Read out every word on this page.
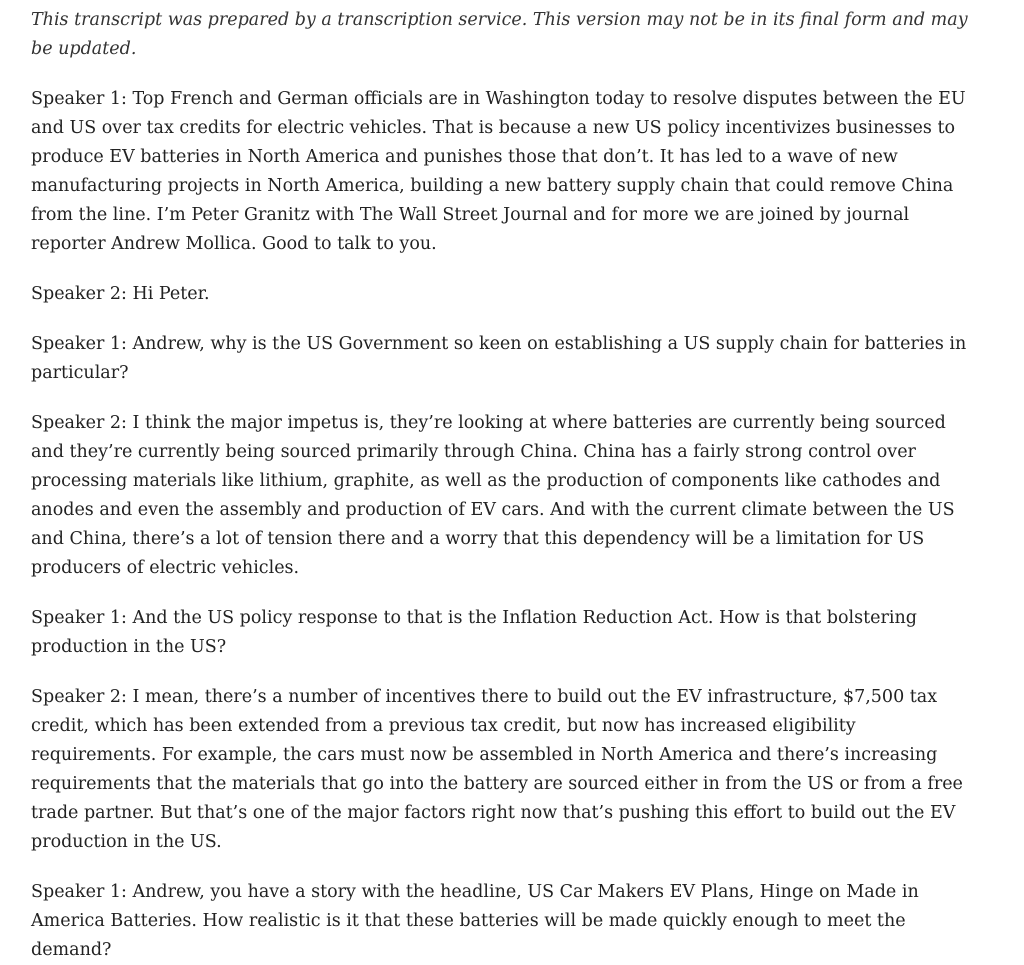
This transcript was prepared by a transcription service. This version may not be in its final form and may be updated.

Speaker 1: Top French and German officials are in Washington today to resolve disputes between the EU and US over tax credits for electric vehicles. That is because a new US policy incentivizes businesses to produce EV batteries in North America and punishes those that don’t. It has led to a wave of new manufacturing projects in North America, building a new battery supply chain that could remove China from the line. I’m Peter Granitz with The Wall Street Journal and for more we are joined by journal reporter Andrew Mollica. Good to talk to you.

Speaker 2: Hi Peter.

Speaker 1: Andrew, why is the US Government so keen on establishing a US supply chain for batteries in particular?

Speaker 2: I think the major impetus is, they’re looking at where batteries are currently being sourced and they’re currently being sourced primarily through China. China has a fairly strong control over processing materials like lithium, graphite, as well as the production of components like cathodes and anodes and even the assembly and production of EV cars. And with the current climate between the US and China, there’s a lot of tension there and a worry that this dependency will be a limitation for US producers of electric vehicles.

Speaker 1: And the US policy response to that is the Inflation Reduction Act. How is that bolstering production in the US?

Speaker 2: I mean, there’s a number of incentives there to build out the EV infrastructure, $7,500 tax credit, which has been extended from a previous tax credit, but now has increased eligibility requirements. For example, the cars must now be assembled in North America and there’s increasing requirements that the materials that go into the battery are sourced either in from the US or from a free trade partner. But that’s one of the major factors right now that’s pushing this effort to build out the EV production in the US.

Speaker 1: Andrew, you have a story with the headline, US Car Makers EV Plans, Hinge on Made in America Batteries. How realistic is it that these batteries will be made quickly enough to meet the demand?
